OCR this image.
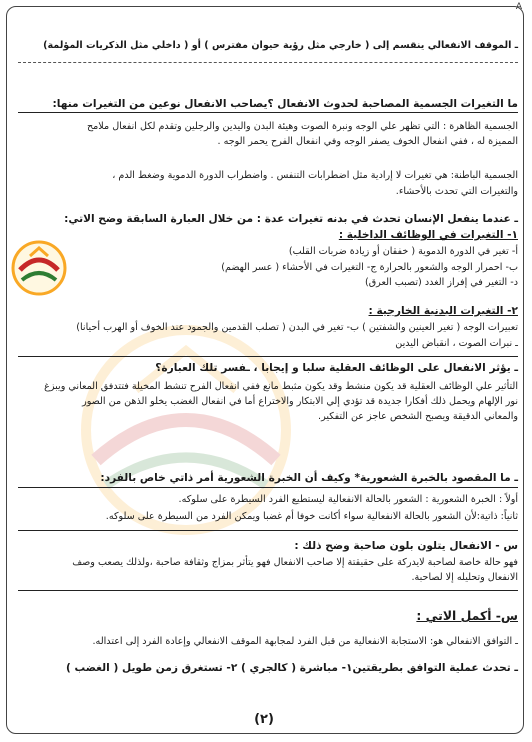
A
ـ الموقف الانفعالي ينقسم إلى ( خارجي مثل رؤية حيوان مفترس ) أو ( داخلي مثل الذكريات المؤلمة)
ما التغيرات الجسمية المصاحبة لحدوث الانفعال ؟يصاحب الانفعال نوعين من التغيرات منها:
الجسمية الظاهرة : التي تظهر علي الوجه ونبرة الصوت وهيئة البدن واليدين والرجلين وتقدم لكل انفعال ملامح
المميزة له ، ففي انفعال الخوف يصفر الوجه وفي انفعال الفرح يحمر الوجه .
الجسمية الباطنة: هي تغيرات لا إرادية مثل اضطرابات التنفس . واضطراب الدورة الدموية وضغط الدم ،
والتغيرات التي تحدث بالأحشاء.
ـ عندما ينفعل الإنسان تحدث في بدنه تغيرات عدة : من خلال العبارة السابقة وضح الاتي:
١- التغيرات في الوظائف الداخلية :
أ- تغير في الدورة الدموية ( خفقان أو زيادة ضربات القلب)
ب- احمرار الوجه والشعور بالحرارة ج- التغيرات في الأحشاء ( عسر الهضم)
د- التغير في إفراز الغدد (تصبب العرق)
٢- التغيرات البدنية الخارجية :
تعبيرات الوجه ( تغير العينين والشفتين ) ب- تغير في البدن ( تصلب القدمين والجمود عند الخوف أو الهرب أحيانا)
ـ نبرات الصوت ، انقباض اليدين
ـ يؤثر الانفعال على الوظائف العقلية سلبا و إيجابا ، ـفسر تلك العبارة؟
التأثير علي الوظائف العقلية قد يكون منشط وقد يكون مثبط مانع ففي انفعال الفرح تنشط المخيلة فتتدفق المعاني ويبزغ
نور الإلهام ويحمل ذلك أفكارا جديدة قد تؤدي إلي الابتكار والاختراع أما في انفعال الغضب يخلو الذهن من الصور
والمعاني الدقيقة ويصبح الشخص عاجز عن التفكير.
ـ ما المقصود بالخبرة الشعورية* وكيف أن الخبرة الشعورية أمر ذاتي خاص بالفرد:
أولاً : الخبرة الشعورية : الشعور بالحالة الانفعالية ليستطيع الفرد السيطرة على سلوكه.
ثانياً: ذاتية:لأن الشعور بالحالة الانفعالية سواء أكانت خوفا أم غضبا ويمكن الفرد من السيطرة على سلوكه.
س - الانفعال يتلون بلون صاحبة وضح ذلك :
فهو حالة خاصة لصاحبة لايدركة على حقيقتة إلا صاحب الانفعال فهو يتأثر بمزاج وثقافة صاحبة ،ولذلك يصعب وصف
الانفعال وتحليله إلا لصاحبة.
س- أكمل الاتي :
ـ التوافق الانفعالي هو: الاستجابة الانفعالية من قبل الفرد لمجابهة الموقف الانفعالي وإعادة الفرد إلى اعتداله.
ـ تحدث عملية التوافق بطريقتين١- مباشرة ( كالجري ) ٢- تستغرق زمن طويل ( الغضب )
(٢)
